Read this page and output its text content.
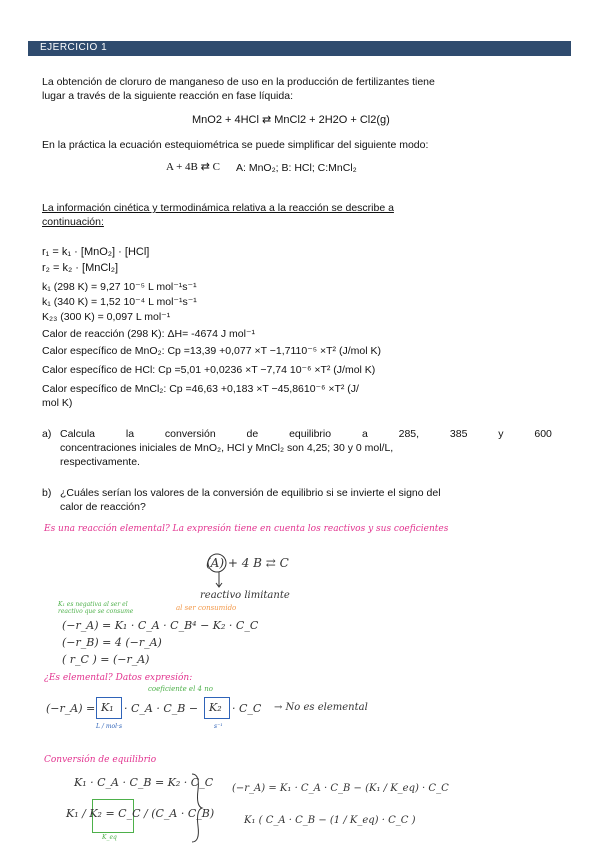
EJERCICIO 1
La obtención de cloruro de manganeso de uso en la producción de fertilizantes tiene
lugar a través de la siguiente reacción en fase líquida:
MnO2 + 4HCl ⇄ MnCl2 + 2H2O + Cl2(g)
En la práctica la ecuación estequiométrica se puede simplificar del siguiente modo:
A + 4B ⇄ C A: MnO₂; B: HCl; C:MnCl₂
La información cinética y termodinámica relativa a la reacción se describe a
continuación:
r₁ = k₁ · [MnO₂] · [HCl]
r₂ = k₂ · [MnCl₂]
k₁ (298 K) = 9,27 10⁻⁵ L mol⁻¹s⁻¹
k₁ (340 K) = 1,52 10⁻⁴ L mol⁻¹s⁻¹
K₂₃ (300 K) = 0,097 L mol⁻¹
Calor de reacción (298 K): ΔH= -4674 J mol⁻¹
Calor específico de MnO₂: Cp =13,39 +0,077 ×T −1,7110⁻⁵ ×T² (J/mol K)
Calor específico de HCl: Cp =5,01 +0,0236 ×T −7,74 10⁻⁶ ×T² (J/mol K)
Calor específico de MnCl₂: Cp =46,63 +0,183 ×T −45,8610⁻⁶ ×T² (J/
mol K)
a) Calcula	la	conversión	de	equilibrio	a	285,	385	y	600
concentraciones iniciales de MnO₂, HCl y MnCl₂ son 4,25; 30 y 0 mol/L,
respectivamente.
b) ¿Cuáles serían los valores de la conversión de equilibrio si se invierte el signo del
calor de reacción?
Es una reacción elemental? La expresión tiene en cuenta los reactivos y sus coeficientes
(A) + 4 B ⇄ C
reactivo limitante
K₁ es negativa al ser el reactivo que se consume	al ser consumido
(−r_A) = K₁ · C_A · C_B⁴ − K₂ · C_C
(−r_B) = 4 (−r_A)
( r_C ) = (−r_A)
¿Es elemental? Datos expresión:
coeficiente el 4 no
(−r_A) = K₁ · C_A · C_B − K₂ · C_C → No es elemental
L / mol·s	s⁻¹
Conversión de equilibrio
K₁ · C_A · C_B = K₂ · C_C
K₁ / K₂ = C_C / (C_A · C_B)
K_eq
(−r_A) = K₁ · C_A · C_B − (K₁ / K_eq) · C_C
K₁ ( C_A · C_B − (1 / K_eq) · C_C )
